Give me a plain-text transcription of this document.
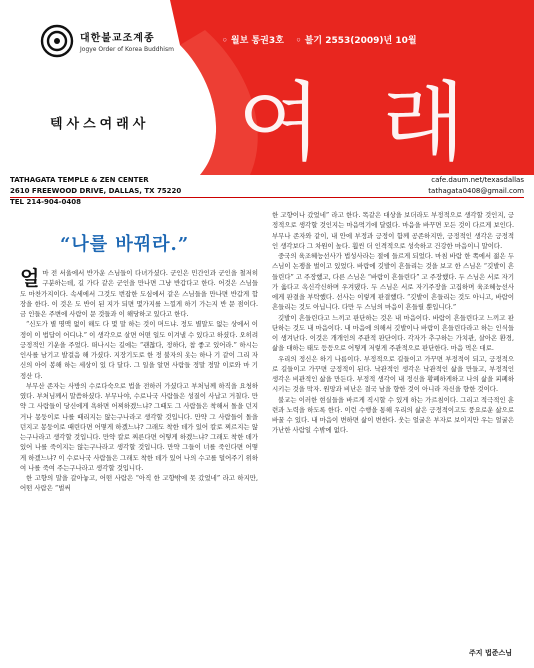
대한불교조계종
Jogye Order of Korea Buddhism
◦ 월보 통권3호 ◦ 불기 2553(2009)년 10월
여 래
텍사스여래사
TATHAGATA TEMPLE & ZEN CENTER
2610 FREEWOOD DRIVE, DALLAS, TX 75220
TEL 214-904-0408
cafe.daum.net/texasdallas
tathagata0408@gmail.com
“나를 바꿔라.”
얼 마 전 서울에서 반가운 스님들이 다녀가셨다. 군인은 민간인과 군인을 철저히 구분하는데, 길 가다 같은 군인을 만나면 그냥 반갑다고 한다. 어것은 스님들도 마찬가지이다. 속세에서 그것도 번잡한 도심에서 같은 스님들을 만나면 반갑게 합장을 한다. 이 것은 도 반이 된 지가 되면 몇가지를 느낄게 하기 가는지 반 문 점이다. 금 인들은 주변에 사람이 문 것들과 이 해당하고 있다고 한다.

“신도가 별 명맥 없이 해도 다 몇 말 하는 것이 머드냐. 정도 별말도 없는 상에서 이 정이 이 법답이 어디냐.” 이 생각으로 살면 어떤 일도 이겨낼 수 있다고 하셨다. 오히려 긍정적인 기운을 주었다. 떠나시는 길에는 “괜찮다, 정하다, 참 좋고 있어라.” 하시는 인사를 남기고 발걸음 해 가셨다. 지장기도로 한 정 불자의 옷는 하나 기 같이 그리 자신의 아이 봉해 하는 세상이 있 다 달다. 그 일을 알면 사람들 정말 정말 이로와 마 기 정산 다.

부무산 존자는 사방의 수로다숙으로 법을 전하러 가셨다고 부처님께 하직을 요청하였다. 부처님께서 말씀하셨다. 부무나야, 수로나국 사람들은 성질이 사납고 거칠다. 만약 그 사람들이 당신에게 욕하면 어찌하겠느냐? 그때도 그 사람들은 착해서 돌을 던지거나 몽둥이로 나를 때리지는 않는구나라고 생각할 것입니다. 만약 그 사람들이 돌을 던지고 몽둥이로 때린다면 어떻게 하겠느냐? 그래도 착한 데가 있어 칼로 찌르지는 않는구나라고 생각할 것입니다. 만약 칼로 찌른다면 어떻게 하겠느냐? 그래도 착한 데가 있어 나를 죽이지는 않는구나라고 생각할 것입니다. 만약 그들이 너를 죽인다면 어떻게 하겠느냐? 이 수로나국 사람들은 그래도 착한 데가 있어 나의 수고를 덜어주기 위하여 나를 죽여 주는구나라고 생각할 것입니다.

한 고향의 말을 갈아놓고, 어떤 사람은 “아직 한 고향밖에 못 갔었네” 라고 하지만, 어떤 사람은 “벌써

한 고향이나 갔었네” 라고 한다. 똑같은 대상을 보더라도 부정적으로 생각할 것인지, 긍정적으로 생각할 것인지는 마음먹기에 달렸다. 마음을 바꾸면 모든 것이 다르게 보인다. 부무나 존자와 같이, 내 안에 부정과 긍정이 함께 공존하지만, 긍정적인 생각은 긍정적인 생각보다 그 차원이 높다. 훨씬 더 인격적으로 성숙하고 건강한 마음이니 말이다.

중국의 육조혜능선사가 법성사라는 절에 들르게 되었다. 마침 바람 한 쪽에서 젊은 두 스님이 논쟁을 벌이고 있었다. 바람에 깃발이 흔들리는 것을 보고 한 스님은 “깃발이 흔들린다” 고 주장했고, 다른 스님은 “바람이 흔들린다” 고 주장했다. 두 스님은 서로 자기가 옳다고 옥신각신하며 우겨댔다. 두 스님은 서로 자기주장을 고집하며 육조혜능선사에게 판결을 부탁했다. 선사는 이렇게 판결했다. “깃발이 흔들리는 것도 아니고, 바람이 흔들리는 것도 아닙니다. 다만 두 스님의 마음이 흔들릴 뿐입니다.”

깃발이 흔들린다고 느끼고 판단하는 것은 내 마음이다. 바람이 흔들린다고 느끼고 판단하는 것도 내 마음이다. 내 마음에 의해서 깃발이나 바람이 흔들린다라고 하는 인식들이 생겨난다. 이것은 개개인의 주관적 판단이다. 각자가 추구하는 가치관, 살아온 환경, 삶을 대하는 태도 등등으로 어떻게 저렇게 주관적으로 판단한다. 마음 먹은 대로.

우리의 정신은 하기 나름이다. 부정적으로 길들이고 가꾸면 부정적이 되고, 긍정적으로 길들이고 가꾸면 긍정적이 된다. 낙관적인 생각은 낙관적인 삶을 만들고, 부정적인 생각은 비관적인 삶을 만든다. 부정적 생각이 내 정신을 황폐하게하고 나의 삶을 피폐하시키는 것을 막자. 원망과 비난은 결국 남을 향한 것이 아니라 자신을 향한 것이다.

불교는 이러한 현실들을 바르게 직시할 수 있게 하는 가르침이다. 그리고 적극적인 훈련과 노력을 하도록 한다. 이런 수행을 통해 우리의 삶은 긍정적이고도 풍요로운 삶으로 바꿀 수 있다. 내 마음이 변하면 삶이 변한다. 웃는 얼굴은 부자로 보이지만 우는 얼굴은 가난한 사람일 수밖에 없다.

주지 법준스님
